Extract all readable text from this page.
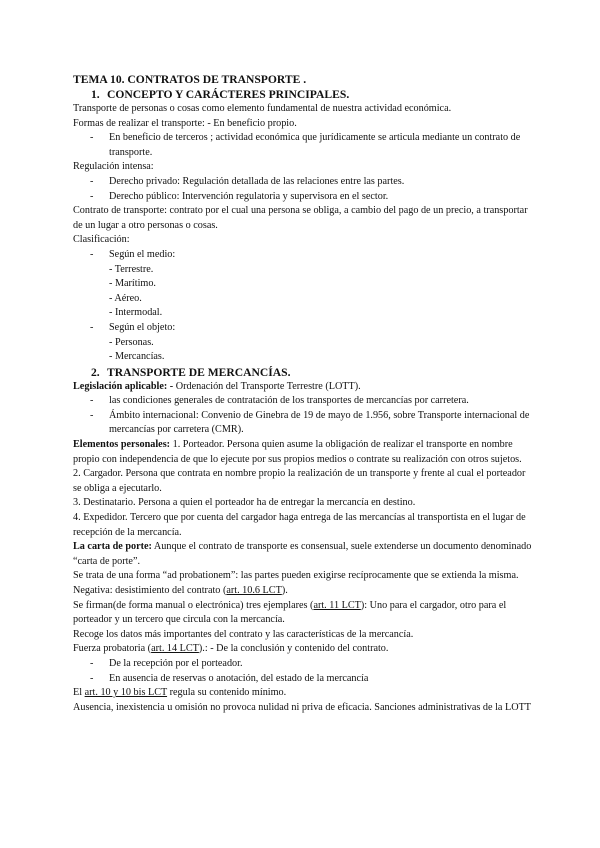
TEMA 10. CONTRATOS DE TRANSPORTE .

1. CONCEPTO Y CARÁCTERES PRINCIPALES.

Transporte de personas o cosas como elemento fundamental de nuestra actividad económica.

Formas de realizar el transporte: - En beneficio propio.

- En beneficio de terceros ; actividad económica que jurídicamente se articula mediante un contrato de transporte.

Regulación intensa:

- Derecho privado: Regulación detallada de las relaciones entre las partes.

- Derecho público: Intervención regulatoria y supervisora en el sector.

Contrato de transporte: contrato por el cual una persona se obliga, a cambio del pago de un precio, a transportar de un lugar a otro personas o cosas.

Clasificación:

- Según el medio:

- Terrestre.

- Marítimo.

- Aéreo.

- Intermodal.

- Según el objeto:

- Personas.

- Mercancías.

2. TRANSPORTE DE MERCANCÍAS.

Legislación aplicable: - Ordenación del Transporte Terrestre (LOTT).

- las condiciones generales de contratación de los transportes de mercancías por carretera.

- Ámbito internacional: Convenio de Ginebra de 19 de mayo de 1.956, sobre Transporte internacional de mercancías por carretera (CMR).

Elementos personales: 1. Porteador. Persona quien asume la obligación de realizar el transporte en nombre propio con independencia de que lo ejecute por sus propios medios o contrate su realización con otros sujetos.

2. Cargador. Persona que contrata en nombre propio la realización de un transporte y frente al cual el porteador se obliga a ejecutarlo.

3. Destinatario. Persona a quien el porteador ha de entregar la mercancía en destino.

4. Expedidor. Tercero que por cuenta del cargador haga entrega de las mercancías al transportista en el lugar de recepción de la mercancía.

La carta de porte: Aunque el contrato de transporte es consensual, suele extenderse un documento denominado “carta de porte”.

Se trata de una forma “ad probationem”: las partes pueden exigirse recíprocamente que se extienda la misma. Negativa: desistimiento del contrato (art. 10.6 LCT).

Se firman(de forma manual o electrónica) tres ejemplares (art. 11 LCT): Uno para el cargador, otro para el porteador y un tercero que circula con la mercancía.

Recoge los datos más importantes del contrato y las características de la mercancía.

Fuerza probatoria (art. 14 LCT).: - De la conclusión y contenido del contrato.

- De la recepción por el porteador.

- En ausencia de reservas o anotación, del estado de la mercancía

El art. 10 y 10 bis LCT regula su contenido mínimo.

Ausencia, inexistencia u omisión no provoca nulidad ni priva de eficacia. Sanciones administrativas de la LOTT
